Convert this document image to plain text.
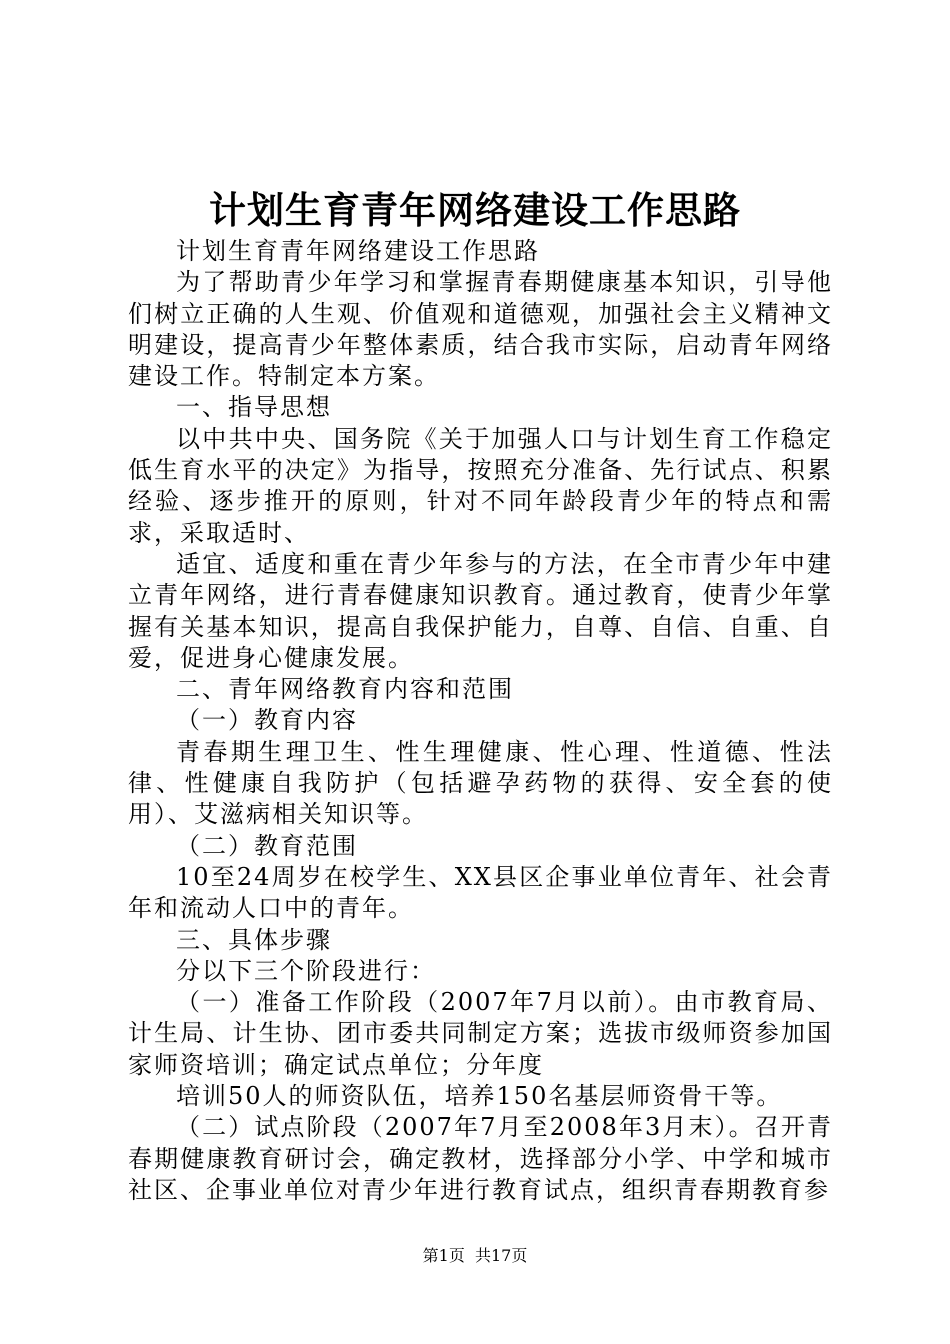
计划生育青年网络建设工作思路

计划生育青年网络建设工作思路

为了帮助青少年学习和掌握青春期健康基本知识，引导他们树立正确的人生观、价值观和道德观，加强社会主义精神文明建设，提高青少年整体素质，结合我市实际，启动青年网络建设工作。特制定本方案。

一、指导思想

以中共中央、国务院《关于加强人口与计划生育工作稳定低生育水平的决定》为指导，按照充分准备、先行试点、积累经验、逐步推开的原则，针对不同年龄段青少年的特点和需求，采取适时、

适宜、适度和重在青少年参与的方法，在全市青少年中建立青年网络，进行青春健康知识教育。通过教育，使青少年掌握有关基本知识，提高自我保护能力，自尊、自信、自重、自爱，促进身心健康发展。

二、青年网络教育内容和范围

（一）教育内容

青春期生理卫生、性生理健康、性心理、性道德、性法律、性健康自我防护（包括避孕药物的获得、安全套的使用）、艾滋病相关知识等。

（二）教育范围

10至24周岁在校学生、XX县区企事业单位青年、社会青年和流动人口中的青年。

三、具体步骤

分以下三个阶段进行：

（一）准备工作阶段（2007年7月以前）。由市教育局、计生局、计生协、团市委共同制定方案；选拔市级师资参加国家师资培训；确定试点单位；分年度

培训50人的师资队伍，培养150名基层师资骨干等。

（二）试点阶段（2007年7月至2008年3月末）。召开青春期健康教育研讨会，确定教材，选择部分小学、中学和城市社区、企事业单位对青少年进行教育试点，组织青春期教育参

第1页  共17页
